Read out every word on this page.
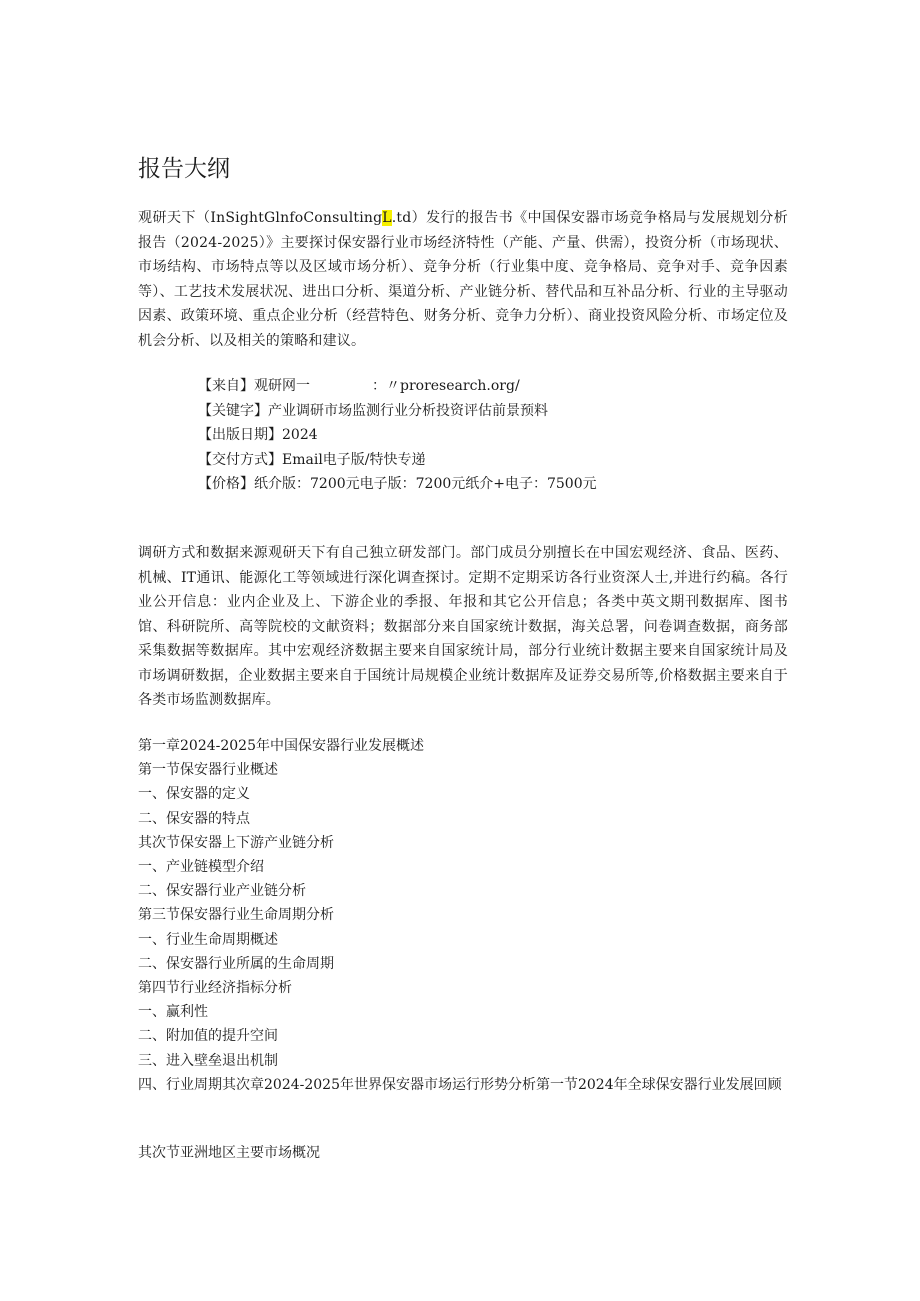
报告大纲

观研天下（InSightGlnfoConsultingL.td）发行的报告书《中国保安器市场竞争格局与发展规划分析报告（2024-2025）》主要探讨保安器行业市场经济特性（产能、产量、供需），投资分析（市场现状、市场结构、市场特点等以及区域市场分析）、竞争分析（行业集中度、竞争格局、竞争对手、竞争因素等）、工艺技术发展状况、进出口分析、渠道分析、产业链分析、替代品和互补品分析、行业的主导驱动因素、政策环境、重点企业分析（经营特色、财务分析、竞争力分析）、商业投资风险分析、市场定位及机会分析、以及相关的策略和建议。

【来自】观研网一	：〃proresearch.org/
【关键字】产业调研市场监测行业分析投资评估前景预料
【出版日期】2024
【交付方式】Email电子版/特快专递
【价格】纸介版：7200元电子版：7200元纸介+电子：7500元

调研方式和数据来源观研天下有自己独立研发部门。部门成员分别擅长在中国宏观经济、食品、医药、机械、IT通讯、能源化工等领域进行深化调查探讨。定期不定期采访各行业资深人士,并进行约稿。各行业公开信息：业内企业及上、下游企业的季报、年报和其它公开信息；各类中英文期刊数据库、图书馆、科研院所、高等院校的文献资料；数据部分来自国家统计数据，海关总署，问卷调查数据，商务部采集数据等数据库。其中宏观经济数据主要来自国家统计局，部分行业统计数据主要来自国家统计局及市场调研数据，企业数据主要来自于国统计局规模企业统计数据库及证券交易所等,价格数据主要来自于各类市场监测数据库。

第一章2024-2025年中国保安器行业发展概述
第一节保安器行业概述
一、保安器的定义
二、保安器的特点
其次节保安器上下游产业链分析
一、产业链模型介绍
二、保安器行业产业链分析
第三节保安器行业生命周期分析
一、行业生命周期概述
二、保安器行业所属的生命周期
第四节行业经济指标分析
一、赢利性
二、附加值的提升空间
三、进入壁垒退出机制
四、行业周期其次章2024-2025年世界保安器市场运行形势分析第一节2024年全球保安器行业发展回顾
其次节亚洲地区主要市场概况
